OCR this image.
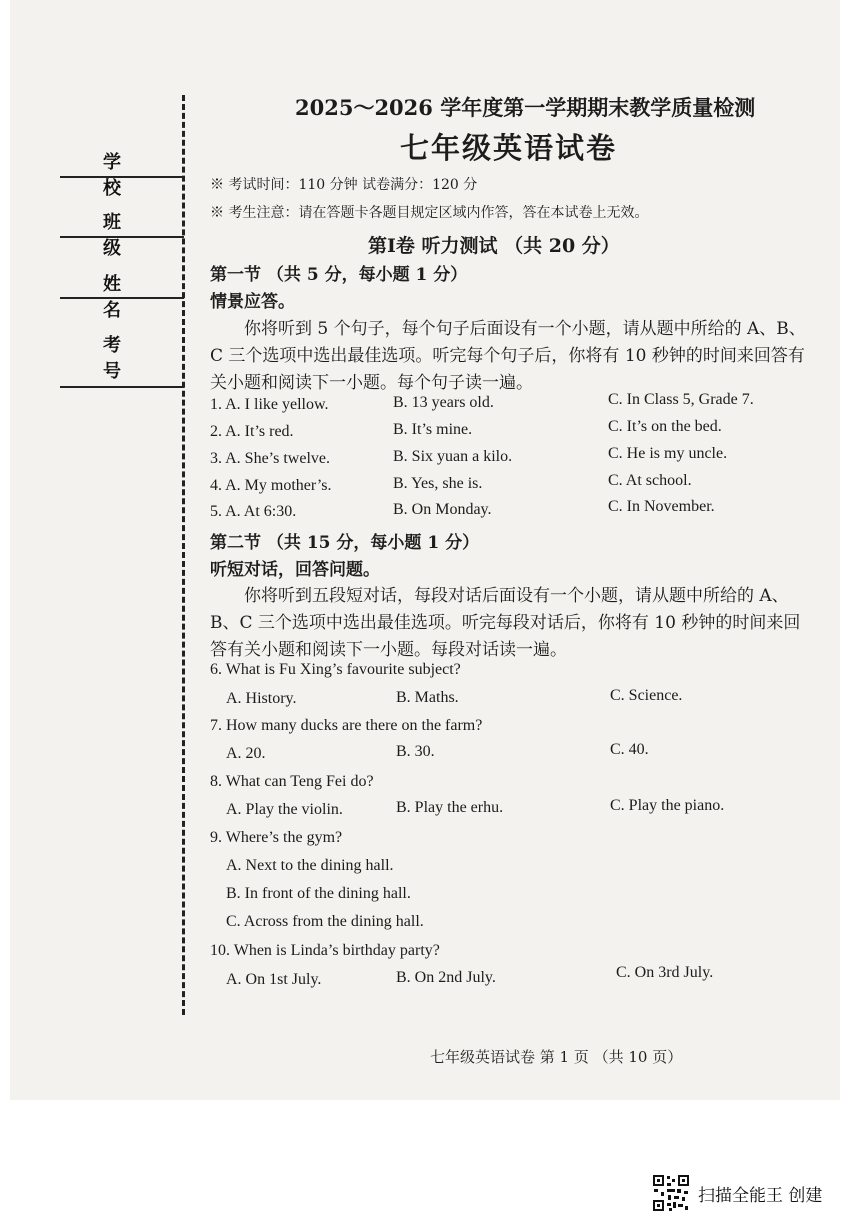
学 校
班 级
姓 名
考 号
2025～2026 学年度第一学期期末教学质量检测
七年级英语试卷
※ 考试时间：110 分钟 试卷满分：120 分
※ 考生注意：请在答题卡各题目规定区域内作答，答在本试卷上无效。
第Ⅰ卷 听力测试 （共 20 分）
第一节 （共 5 分，每小题 1 分）
情景应答。
你将听到 5 个句子，每个句子后面设有一个小题，请从题中所给的 A、B、
C 三个选项中选出最佳选项。听完每个句子后，你将有 10 秒钟的时间来回答有
关小题和阅读下一小题。每个句子读一遍。
1. A. I like yellow.	B. 13 years old.	C. In Class 5, Grade 7.
2. A. It’s red.	B. It’s mine.	C. It’s on the bed.
3. A. She’s twelve.	B. Six yuan a kilo.	C. He is my uncle.
4. A. My mother’s.	B. Yes, she is.	C. At school.
5. A. At 6:30.	B. On Monday.	C. In November.
第二节 （共 15 分，每小题 1 分）
听短对话，回答问题。
你将听到五段短对话，每段对话后面设有一个小题，请从题中所给的 A、
B、C 三个选项中选出最佳选项。听完每段对话后，你将有 10 秒钟的时间来回
答有关小题和阅读下一小题。每段对话读一遍。
6. What is Fu Xing’s favourite subject?
A. History.	B. Maths.	C. Science.
7. How many ducks are there on the farm?
A. 20.	B. 30.	C. 40.
8. What can Teng Fei do?
A. Play the violin.	B. Play the erhu.	C. Play the piano.
9. Where’s the gym?
A. Next to the dining hall.
B. In front of the dining hall.
C. Across from the dining hall.
10. When is Linda’s birthday party?
A. On 1st July.	B. On 2nd July.	C. On 3rd July.
七年级英语试卷 第 1 页 （共 10 页）
扫描全能王 创建
